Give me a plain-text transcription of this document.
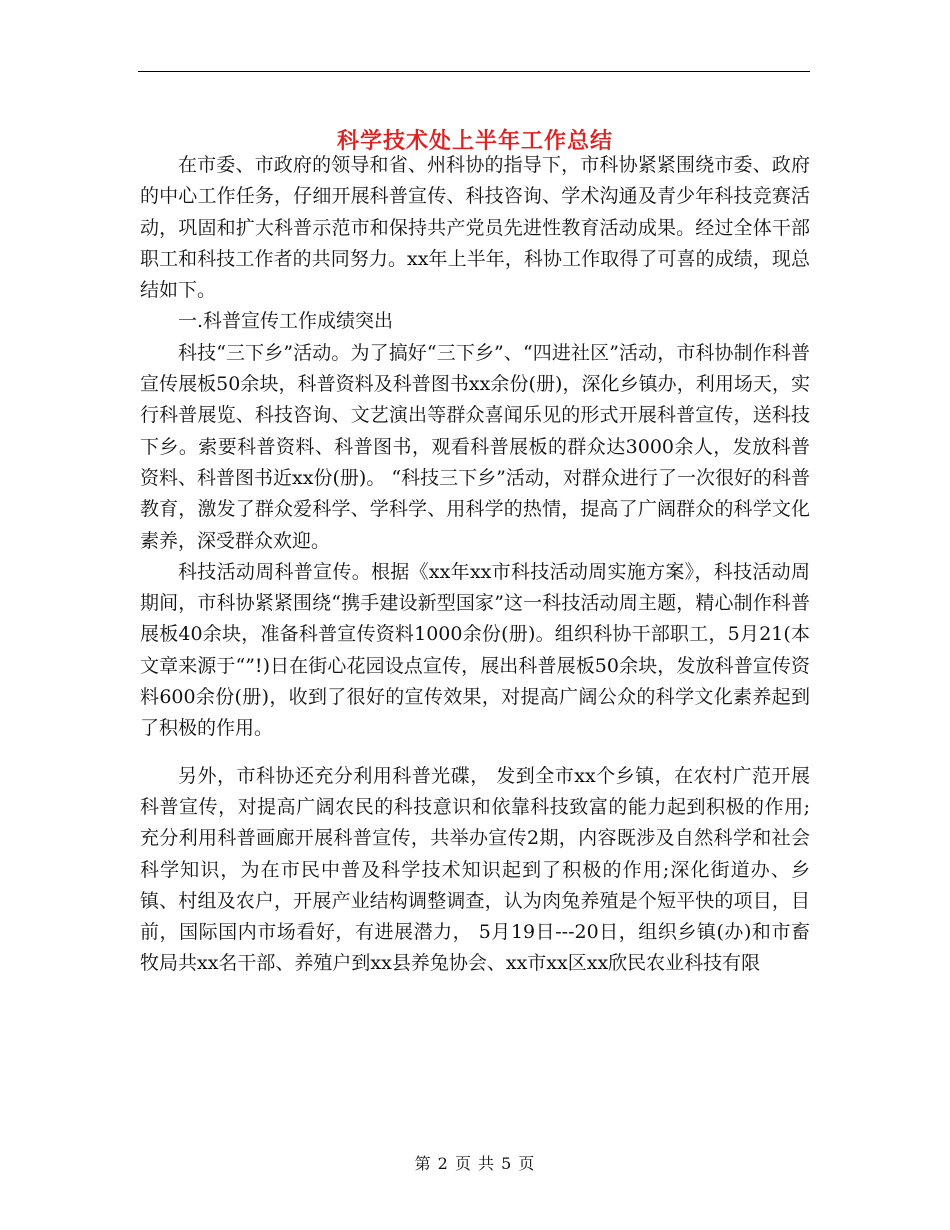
科学技术处上半年工作总结

在市委、市政府的领导和省、州科协的指导下，市科协紧紧围绕市委、政府的中心工作任务，仔细开展科普宣传、科技咨询、学术沟通及青少年科技竞赛活动，巩固和扩大科普示范市和保持共产党员先进性教育活动成果。经过全体干部职工和科技工作者的共同努力。xx年上半年，科协工作取得了可喜的成绩，现总结如下。

一.科普宣传工作成绩突出

科技“三下乡”活动。为了搞好“三下乡”、“四进社区”活动，市科协制作科普宣传展板50余块，科普资料及科普图书xx余份(册)，深化乡镇办，利用场天，实行科普展览、科技咨询、文艺演出等群众喜闻乐见的形式开展科普宣传，送科技下乡。索要科普资料、科普图书，观看科普展板的群众达3000余人，发放科普资料、科普图书近xx份(册)。 “科技三下乡”活动，对群众进行了一次很好的科普教育，激发了群众爱科学、学科学、用科学的热情，提高了广阔群众的科学文化素养，深受群众欢迎。

科技活动周科普宣传。根据《xx年xx市科技活动周实施方案》，科技活动周期间，市科协紧紧围绕“携手建设新型国家”这一科技活动周主题，精心制作科普展板40余块，准备科普宣传资料1000余份(册)。组织科协干部职工，5月21(本文章来源于“”!)日在街心花园设点宣传，展出科普展板50余块，发放科普宣传资料600余份(册)，收到了很好的宣传效果，对提高广阔公众的科学文化素养起到了积极的作用。

另外，市科协还充分利用科普光碟， 发到全市xx个乡镇，在农村广范开展科普宣传，对提高广阔农民的科技意识和依靠科技致富的能力起到积极的作用;充分利用科普画廊开展科普宣传，共举办宣传2期，内容既涉及自然科学和社会科学知识，为在市民中普及科学技术知识起到了积极的作用;深化街道办、乡镇、村组及农户，开展产业结构调整调查，认为肉兔养殖是个短平快的项目，目前，国际国内市场看好，有进展潜力， 5月19日---20日，组织乡镇(办)和市畜牧局共xx名干部、养殖户到xx县养兔协会、xx市xx区xx欣民农业科技有限

第 2 页 共 5 页
